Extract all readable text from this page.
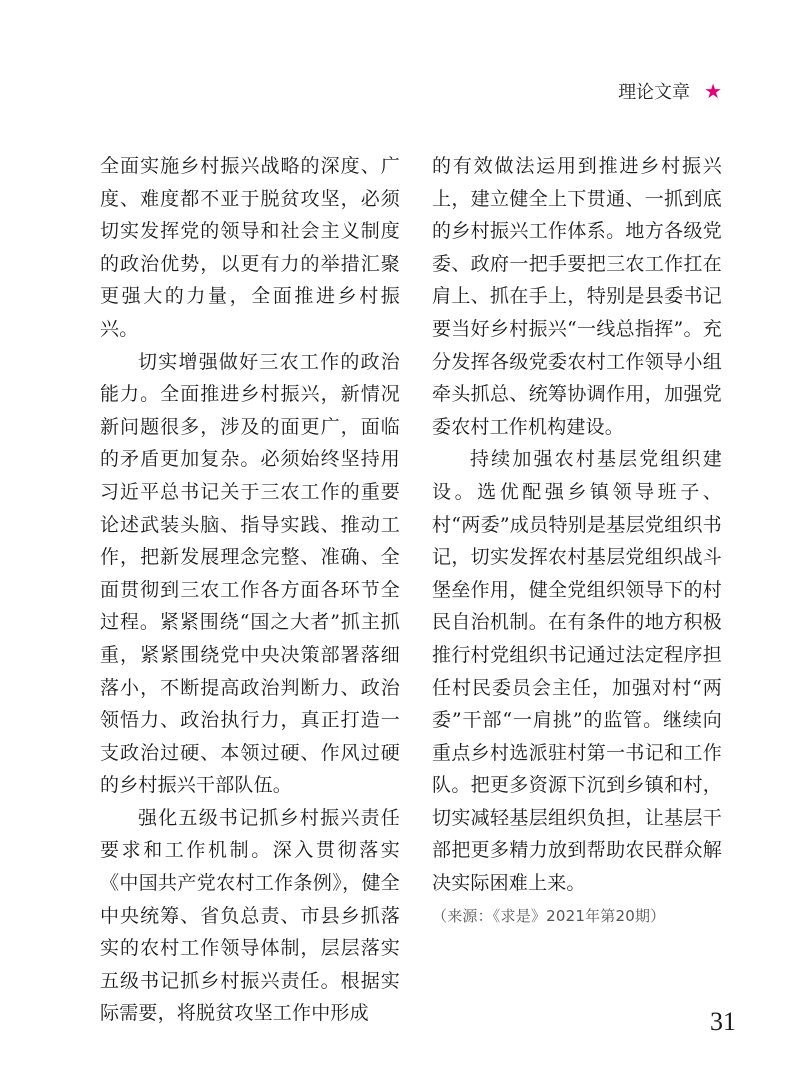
理论文章 ★

全面实施乡村振兴战略的深度、广度、难度都不亚于脱贫攻坚，必须切实发挥党的领导和社会主义制度的政治优势，以更有力的举措汇聚更强大的力量，全面推进乡村振兴。

切实增强做好三农工作的政治能力。全面推进乡村振兴，新情况新问题很多，涉及的面更广，面临的矛盾更加复杂。必须始终坚持用习近平总书记关于三农工作的重要论述武装头脑、指导实践、推动工作，把新发展理念完整、准确、全面贯彻到三农工作各方面各环节全过程。紧紧围绕“国之大者”抓主抓重，紧紧围绕党中央决策部署落细落小，不断提高政治判断力、政治领悟力、政治执行力，真正打造一支政治过硬、本领过硬、作风过硬的乡村振兴干部队伍。

强化五级书记抓乡村振兴责任要求和工作机制。深入贯彻落实《中国共产党农村工作条例》，健全中央统筹、省负总责、市县乡抓落实的农村工作领导体制，层层落实五级书记抓乡村振兴责任。根据实际需要，将脱贫攻坚工作中形成

的有效做法运用到推进乡村振兴上，建立健全上下贯通、一抓到底的乡村振兴工作体系。地方各级党委、政府一把手要把三农工作扛在肩上、抓在手上，特别是县委书记要当好乡村振兴“一线总指挥”。充分发挥各级党委农村工作领导小组牵头抓总、统筹协调作用，加强党委农村工作机构建设。

持续加强农村基层党组织建设。选优配强乡镇领导班子、村“两委”成员特别是基层党组织书记，切实发挥农村基层党组织战斗堡垒作用，健全党组织领导下的村民自治机制。在有条件的地方积极推行村党组织书记通过法定程序担任村民委员会主任，加强对村“两委”干部“一肩挑”的监管。继续向重点乡村选派驻村第一书记和工作队。把更多资源下沉到乡镇和村，切实减轻基层组织负担，让基层干部把更多精力放到帮助农民群众解决实际困难上来。

（来源：《求是》2021年第20期）

31
